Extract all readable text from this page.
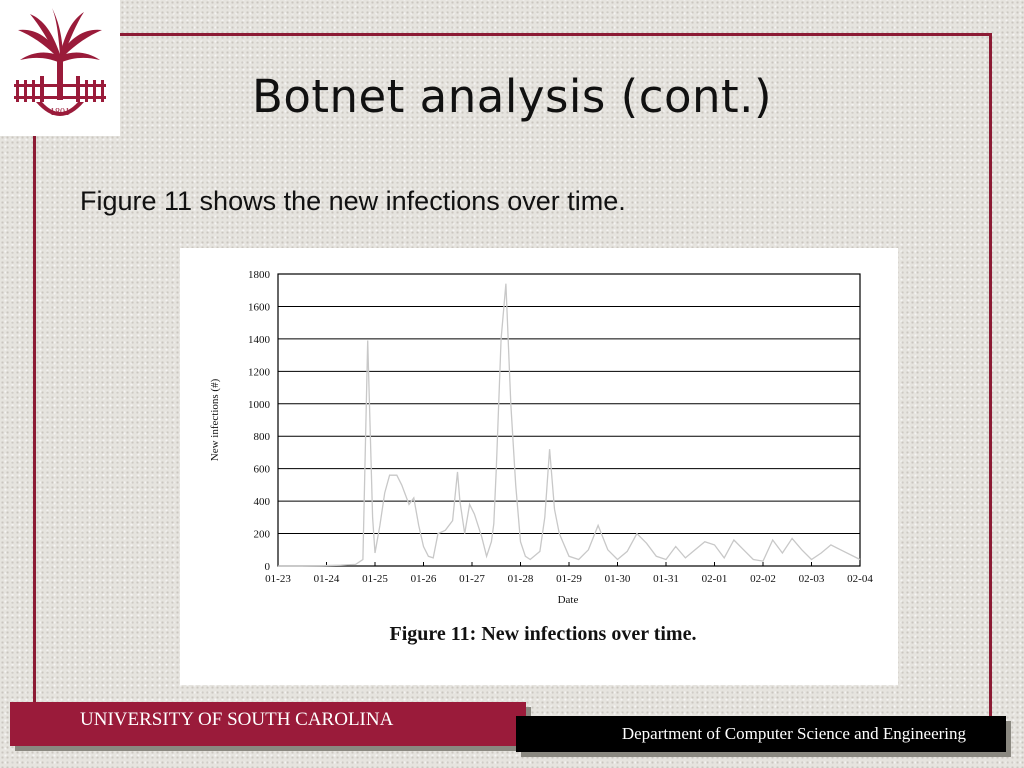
1801	Botnet analysis (cont.)
Figure 11 shows the new infections over time.
0
200
400
600
800
1000
1200
1400
1600
1800
01-23 01-24 01-25 01-26 01-27 01-28 01-29 01-30 01-31 02-01 02-02 02-03 02-04
Date
New infections (#)
Figure 11: New infections over time.
UNIVERSITY OF SOUTH CAROLINA
Department of Computer Science and Engineering
